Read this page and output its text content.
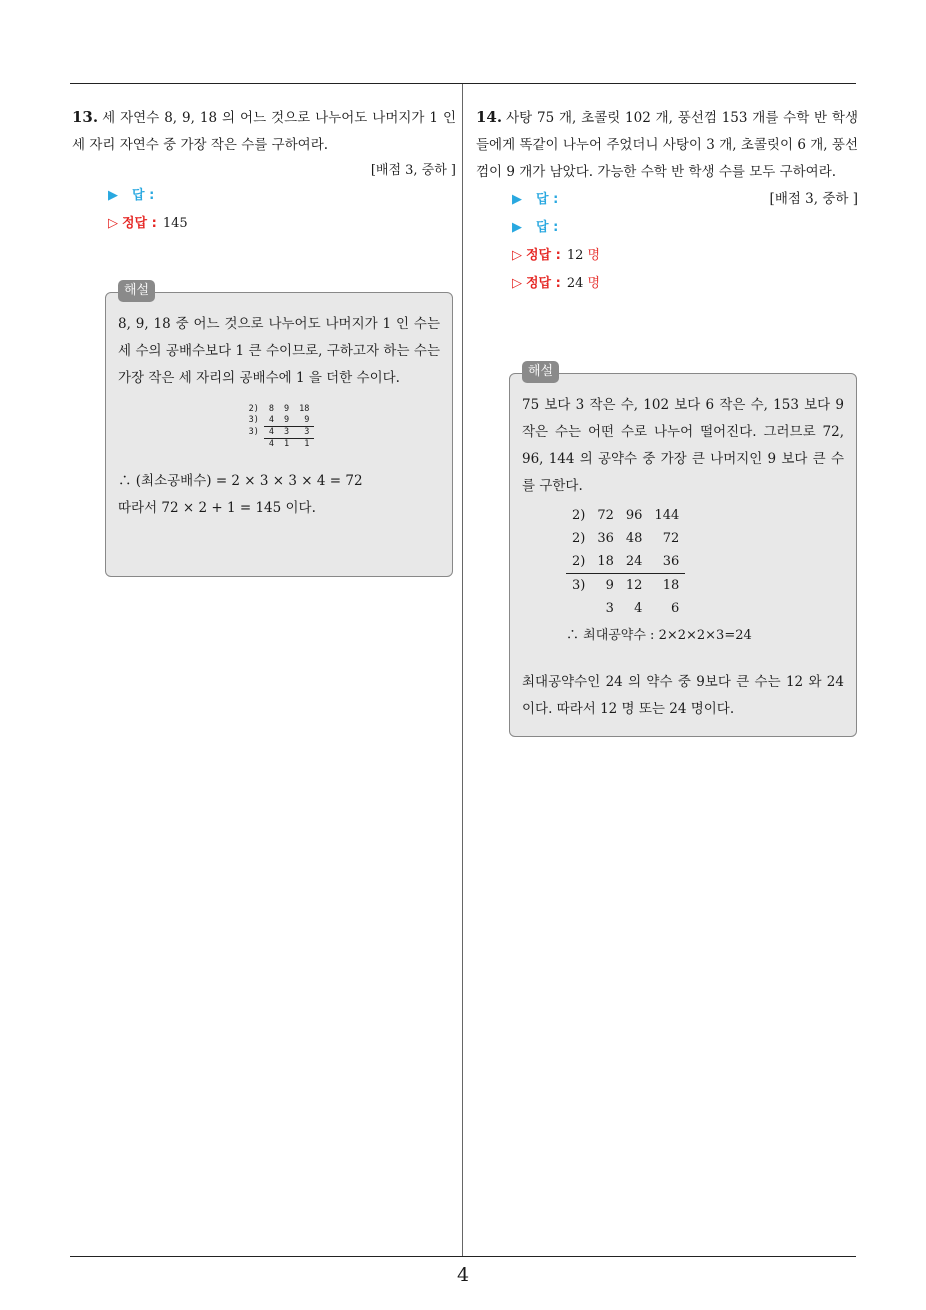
13. 세 자연수 8, 9, 18 의 어느 것으로 나누어도 나머지가 1 인 세 자리 자연수 중 가장 작은 수를 구하여라.
[배점 3, 중하 ]
▶ 답 :
▷ 정답 : 145
해설
8, 9, 18 중 어느 것으로 나누어도 나머지가 1 인 수는 세 수의 공배수보다 1 큰 수이므로, 구하고자 하는 수는 가장 작은 세 자리의 공배수에 1 을 더한 수이다.
2)	8	9	18
3)	4	9	9
3)	4	3	3
	4	1	1
∴ (최소공배수) = 2 × 3 × 3 × 4 = 72
따라서 72 × 2 + 1 = 145 이다.
14. 사탕 75 개, 초콜릿 102 개, 풍선껌 153 개를 수학 반 학생들에게 똑같이 나누어 주었더니 사탕이 3 개, 초콜릿이 6 개, 풍선껌이 9 개가 남았다. 가능한 수학 반 학생 수를 모두 구하여라.
[배점 3, 중하 ]
▶ 답 :
▶ 답 :
▷ 정답 : 12 명
▷ 정답 : 24 명
해설
75 보다 3 작은 수, 102 보다 6 작은 수, 153 보다 9 작은 수는 어떤 수로 나누어 떨어진다. 그러므로 72, 96, 144 의 공약수 중 가장 큰 나머지인 9 보다 큰 수를 구한다.
2)	72	96	144
2)	36	48	72
2)	18	24	36
3)	9	12	18
	3	4	6
∴ 최대공약수 : 2×2×2×3=24
최대공약수인 24 의 약수 중 9보다 큰 수는 12 와 24 이다. 따라서 12 명 또는 24 명이다.
4
